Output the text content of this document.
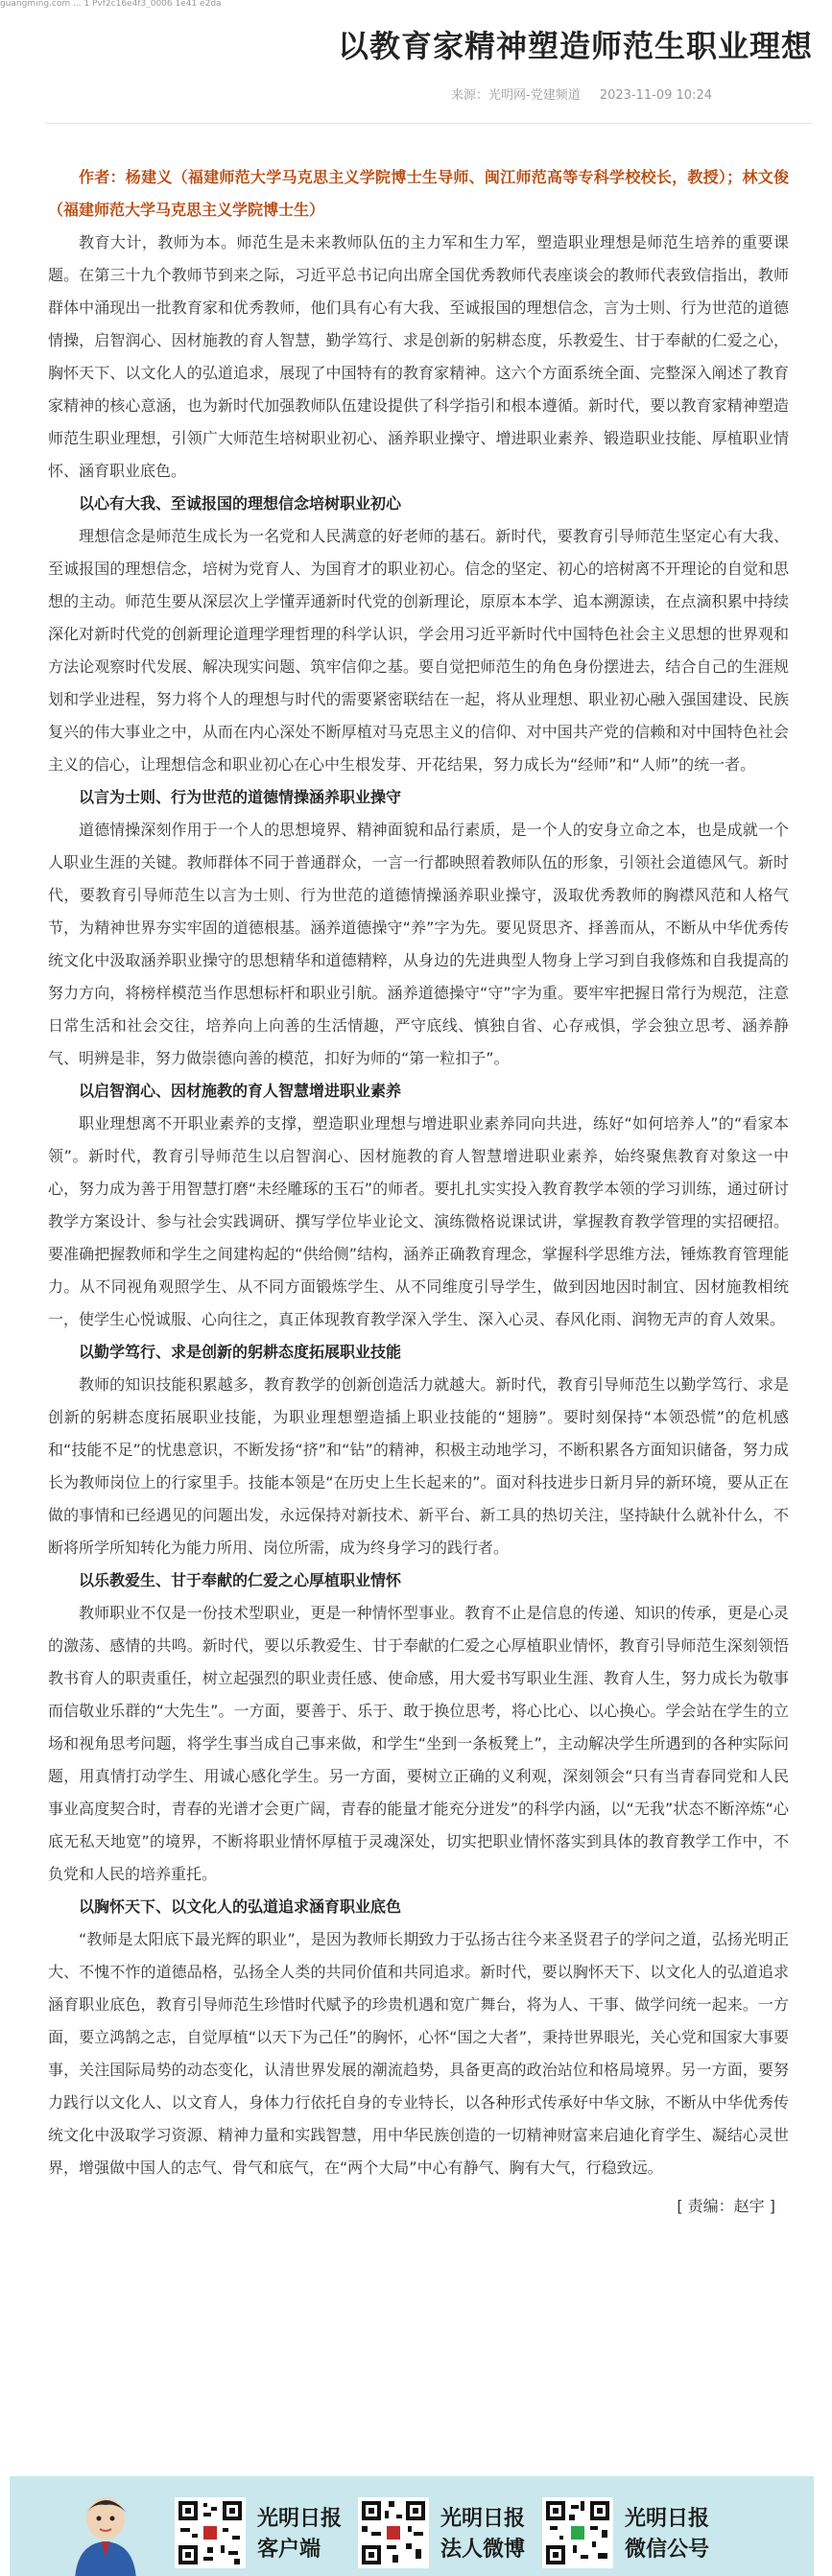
guangming.com ... 1 Pvf2c16e4f3_0006 1e41 e2da
以教育家精神塑造师范生职业理想
来源：光明网-党建频道 2023-11-09 10:24

作者：杨建义（福建师范大学马克思主义学院博士生导师、闽江师范高等专科学校校长，教授）；林文俊（福建师范大学马克思主义学院博士生）

教育大计，教师为本。师范生是未来教师队伍的主力军和生力军，塑造职业理想是师范生培养的重要课题。在第三十九个教师节到来之际，习近平总书记向出席全国优秀教师代表座谈会的教师代表致信指出，教师群体中涌现出一批教育家和优秀教师，他们具有心有大我、至诚报国的理想信念，言为士则、行为世范的道德情操，启智润心、因材施教的育人智慧，勤学笃行、求是创新的躬耕态度，乐教爱生、甘于奉献的仁爱之心，胸怀天下、以文化人的弘道追求，展现了中国特有的教育家精神。这六个方面系统全面、完整深入阐述了教育家精神的核心意涵，也为新时代加强教师队伍建设提供了科学指引和根本遵循。新时代，要以教育家精神塑造师范生职业理想，引领广大师范生培树职业初心、涵养职业操守、增进职业素养、锻造职业技能、厚植职业情怀、涵育职业底色。

以心有大我、至诚报国的理想信念培树职业初心

理想信念是师范生成长为一名党和人民满意的好老师的基石。新时代，要教育引导师范生坚定心有大我、至诚报国的理想信念，培树为党育人、为国育才的职业初心。信念的坚定、初心的培树离不开理论的自觉和思想的主动。师范生要从深层次上学懂弄通新时代党的创新理论，原原本本学、追本溯源读，在点滴积累中持续深化对新时代党的创新理论道理学理哲理的科学认识，学会用习近平新时代中国特色社会主义思想的世界观和方法论观察时代发展、解决现实问题、筑牢信仰之基。要自觉把师范生的角色身份摆进去，结合自己的生涯规划和学业进程，努力将个人的理想与时代的需要紧密联结在一起，将从业理想、职业初心融入强国建设、民族复兴的伟大事业之中，从而在内心深处不断厚植对马克思主义的信仰、对中国共产党的信赖和对中国特色社会主义的信心，让理想信念和职业初心在心中生根发芽、开花结果，努力成长为“经师”和“人师”的统一者。

以言为士则、行为世范的道德情操涵养职业操守

道德情操深刻作用于一个人的思想境界、精神面貌和品行素质，是一个人的安身立命之本，也是成就一个人职业生涯的关键。教师群体不同于普通群众，一言一行都映照着教师队伍的形象，引领社会道德风气。新时代，要教育引导师范生以言为士则、行为世范的道德情操涵养职业操守，汲取优秀教师的胸襟风范和人格气节，为精神世界夯实牢固的道德根基。涵养道德操守“养”字为先。要见贤思齐、择善而从，不断从中华优秀传统文化中汲取涵养职业操守的思想精华和道德精粹，从身边的先进典型人物身上学习到自我修炼和自我提高的努力方向，将榜样模范当作思想标杆和职业引航。涵养道德操守“守”字为重。要牢牢把握日常行为规范，注意日常生活和社会交往，培养向上向善的生活情趣，严守底线、慎独自省、心存戒惧，学会独立思考、涵养静气、明辨是非，努力做崇德向善的模范，扣好为师的“第一粒扣子”。

以启智润心、因材施教的育人智慧增进职业素养

职业理想离不开职业素养的支撑，塑造职业理想与增进职业素养同向共进，练好“如何培养人”的“看家本领”。新时代，教育引导师范生以启智润心、因材施教的育人智慧增进职业素养，始终聚焦教育对象这一中心，努力成为善于用智慧打磨“未经雕琢的玉石”的师者。要扎扎实实投入教育教学本领的学习训练，通过研讨教学方案设计、参与社会实践调研、撰写学位毕业论文、演练微格说课试讲，掌握教育教学管理的实招硬招。要准确把握教师和学生之间建构起的“供给侧”结构，涵养正确教育理念，掌握科学思维方法，锤炼教育管理能力。从不同视角观照学生、从不同方面锻炼学生、从不同维度引导学生，做到因地因时制宜、因材施教相统一，使学生心悦诚服、心向往之，真正体现教育教学深入学生、深入心灵、春风化雨、润物无声的育人效果。

以勤学笃行、求是创新的躬耕态度拓展职业技能

教师的知识技能积累越多，教育教学的创新创造活力就越大。新时代，教育引导师范生以勤学笃行、求是创新的躬耕态度拓展职业技能，为职业理想塑造插上职业技能的“翅膀”。要时刻保持“本领恐慌”的危机感和“技能不足”的忧患意识，不断发扬“挤”和“钻”的精神，积极主动地学习，不断积累各方面知识储备，努力成长为教师岗位上的行家里手。技能本领是“在历史上生长起来的”。面对科技进步日新月异的新环境，要从正在做的事情和已经遇见的问题出发，永远保持对新技术、新平台、新工具的热切关注，坚持缺什么就补什么，不断将所学所知转化为能力所用、岗位所需，成为终身学习的践行者。

以乐教爱生、甘于奉献的仁爱之心厚植职业情怀

教师职业不仅是一份技术型职业，更是一种情怀型事业。教育不止是信息的传递、知识的传承，更是心灵的激荡、感情的共鸣。新时代，要以乐教爱生、甘于奉献的仁爱之心厚植职业情怀，教育引导师范生深刻领悟教书育人的职责重任，树立起强烈的职业责任感、使命感，用大爱书写职业生涯、教育人生，努力成长为敬事而信敬业乐群的“大先生”。一方面，要善于、乐于、敢于换位思考，将心比心、以心换心。学会站在学生的立场和视角思考问题，将学生事当成自己事来做，和学生“坐到一条板凳上”，主动解决学生所遇到的各种实际问题，用真情打动学生、用诚心感化学生。另一方面，要树立正确的义利观，深刻领会“只有当青春同党和人民事业高度契合时，青春的光谱才会更广阔，青春的能量才能充分迸发”的科学内涵，以“无我”状态不断淬炼“心底无私天地宽”的境界，不断将职业情怀厚植于灵魂深处，切实把职业情怀落实到具体的教育教学工作中，不负党和人民的培养重托。

以胸怀天下、以文化人的弘道追求涵育职业底色

“教师是太阳底下最光辉的职业”，是因为教师长期致力于弘扬古往今来圣贤君子的学问之道，弘扬光明正大、不愧不怍的道德品格，弘扬全人类的共同价值和共同追求。新时代，要以胸怀天下、以文化人的弘道追求涵育职业底色，教育引导师范生珍惜时代赋予的珍贵机遇和宽广舞台，将为人、干事、做学问统一起来。一方面，要立鸿鹄之志，自觉厚植“以天下为己任”的胸怀，心怀“国之大者”，秉持世界眼光，关心党和国家大事要事，关注国际局势的动态变化，认清世界发展的潮流趋势，具备更高的政治站位和格局境界。另一方面，要努力践行以文化人、以文育人，身体力行依托自身的专业特长，以各种形式传承好中华文脉，不断从中华优秀传统文化中汲取学习资源、精神力量和实践智慧，用中华民族创造的一切精神财富来启迪化育学生、凝结心灵世界，增强做中国人的志气、骨气和底气，在“两个大局”中心有静气、胸有大气，行稳致远。

[ 责编：赵宇 ]
光明日报 客户端
光明日报 法人微博
光明日报 微信公号
